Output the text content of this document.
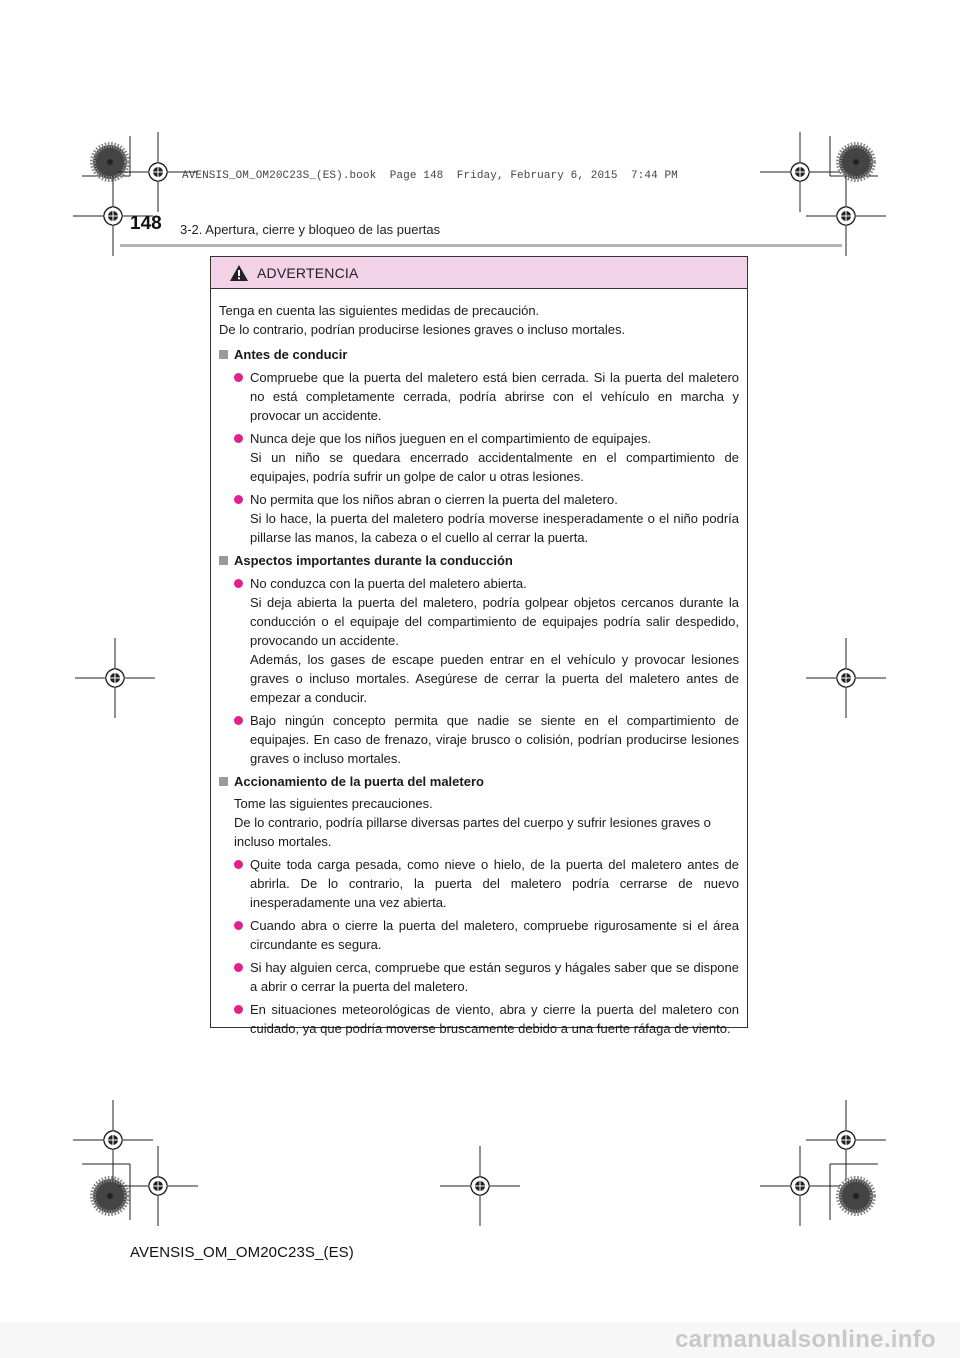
AVENSIS_OM_OM20C23S_(ES).book  Page 148  Friday, February 6, 2015  7:44 PM
148 3-2. Apertura, cierre y bloqueo de las puertas
ADVERTENCIA

Tenga en cuenta las siguientes medidas de precaución.

De lo contrario, podrían producirse lesiones graves o incluso mortales.

Antes de conducir

Compruebe que la puerta del maletero está bien cerrada. Si la puerta del maletero no está completamente cerrada, podría abrirse con el vehículo en marcha y provocar un accidente.

Nunca deje que los niños jueguen en el compartimiento de equipajes.

Si un niño se quedara encerrado accidentalmente en el compartimiento de equipajes, podría sufrir un golpe de calor u otras lesiones.

No permita que los niños abran o cierren la puerta del maletero.

Si lo hace, la puerta del maletero podría moverse inesperadamente o el niño podría pillarse las manos, la cabeza o el cuello al cerrar la puerta.

Aspectos importantes durante la conducción

No conduzca con la puerta del maletero abierta.

Si deja abierta la puerta del maletero, podría golpear objetos cercanos durante la conducción o el equipaje del compartimiento de equipajes podría salir despedido, provocando un accidente.

Además, los gases de escape pueden entrar en el vehículo y provocar lesiones graves o incluso mortales. Asegúrese de cerrar la puerta del maletero antes de empezar a conducir.

Bajo ningún concepto permita que nadie se siente en el compartimiento de equipajes. En caso de frenazo, viraje brusco o colisión, podrían producirse lesiones graves o incluso mortales.

Accionamiento de la puerta del maletero

Tome las siguientes precauciones.

De lo contrario, podría pillarse diversas partes del cuerpo y sufrir lesiones graves o incluso mortales.

Quite toda carga pesada, como nieve o hielo, de la puerta del maletero antes de abrirla. De lo contrario, la puerta del maletero podría cerrarse de nuevo inesperadamente una vez abierta.

Cuando abra o cierre la puerta del maletero, compruebe rigurosamente si el área circundante es segura.

Si hay alguien cerca, compruebe que están seguros y hágales saber que se dispone a abrir o cerrar la puerta del maletero.

En situaciones meteorológicas de viento, abra y cierre la puerta del maletero con cuidado, ya que podría moverse bruscamente debido a una fuerte ráfaga de viento.

AVENSIS_OM_OM20C23S_(ES)
carmanualsonline.info
